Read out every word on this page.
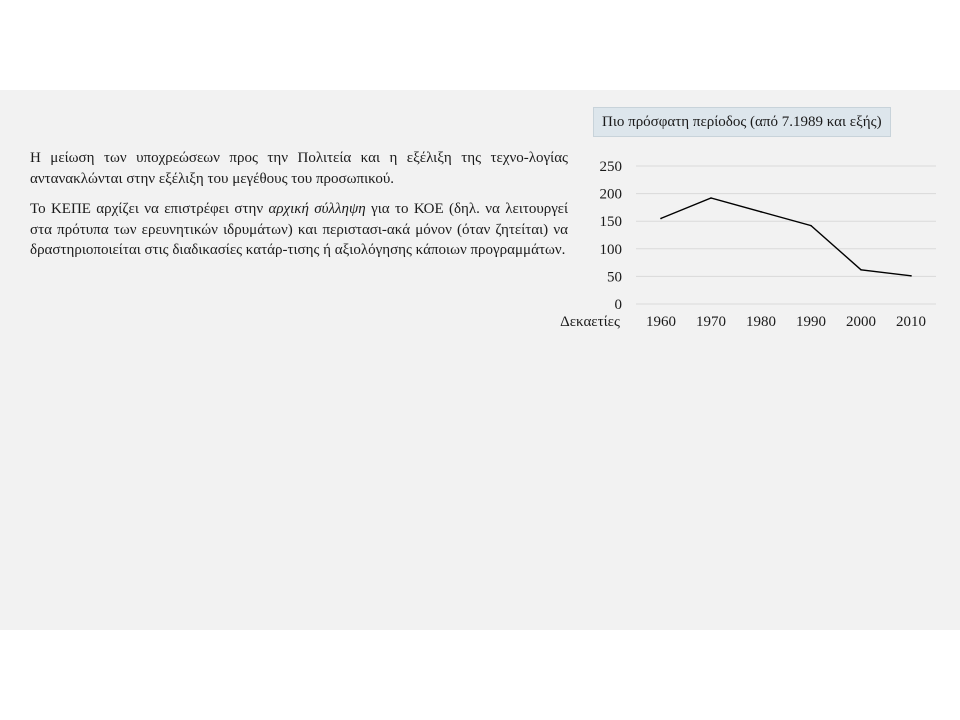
Η μείωση των υποχρεώσεων προς την Πολιτεία και η εξέλιξη της τεχνο-λογίας αντανακλώνται στην εξέλιξη του μεγέθους του προσωπικού.

Το ΚΕΠΕ αρχίζει να επιστρέφει στην αρχική σύλληψη για το ΚΟΕ (δηλ. να λειτουργεί στα πρότυπα των ερευνητικών ιδρυμάτων) και περιστασι-ακά μόνον (όταν ζητείται) να δραστηριοποιείται στις διαδικασίες κατάρ-τισης ή αξιολόγησης κάποιων προγραμμάτων.

Πιο πρόσφατη περίοδος (από 7.1989 και εξής)
0
50
100
150
200
250
1960 1970 1980 1990 2000 2010
Δεκαετίες
